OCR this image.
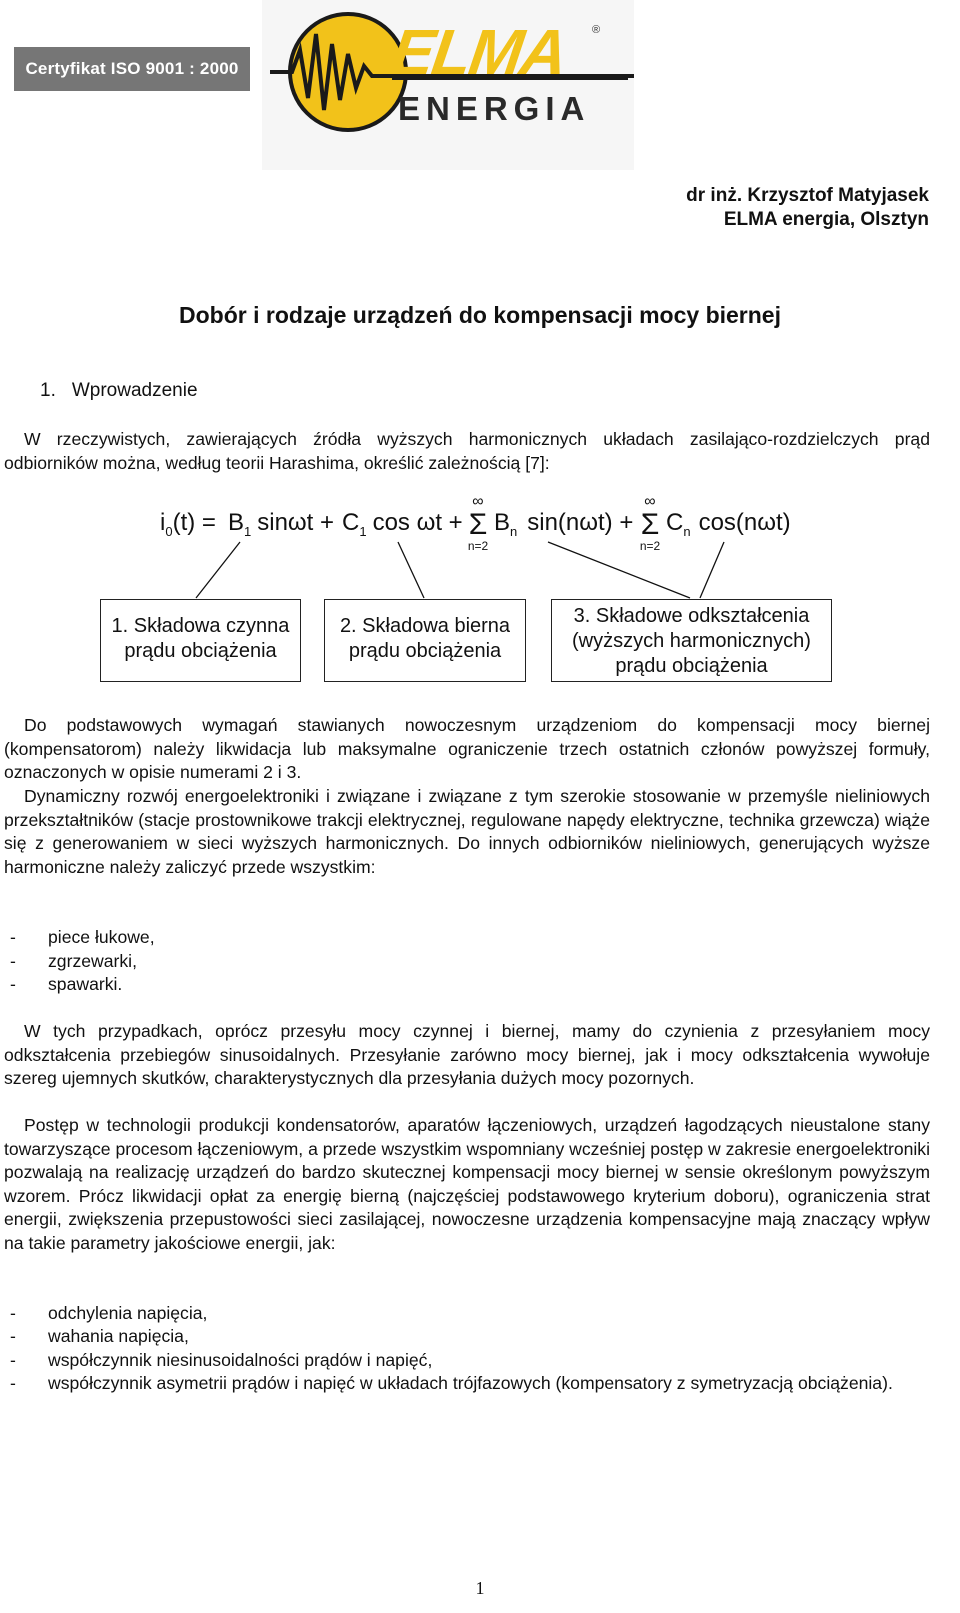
Certyfikat ISO 9001 : 2000 ELMA ®
ENERGIA
dr inż. Krzysztof Matyjasek
ELMA energia, Olsztyn
Dobór i rodzaje urządzeń do kompensacji mocy biernej
1. Wprowadzenie
W rzeczywistych, zawierających źródła wyższych harmonicznych układach zasilająco-rozdzielczych prąd odbiorników można, według teorii Harashima, określić zależnością [7]:
$i_0(t) = B_1$ $\sin\omega t + C_1$ cos ωt +
∞
Σ
n=2
$B_n$ sin(nωt) +
∞
Σ
n=2
$C_n$ cos(nωt)
1. Składowa czynna
prądu obciążenia
2. Składowa bierna
prądu obciążenia
3. Składowe odkształcenia
(wyższych harmonicznych)
prądu obciążenia
Do podstawowych wymagań stawianych nowoczesnym urządzeniom do kompensacji mocy biernej (kompensatorom) należy likwidacja lub maksymalne ograniczenie trzech ostatnich członów powyższej formuły, oznaczonych w opisie numerami 2 i 3.
Dynamiczny rozwój energoelektroniki i związane i związane z tym szerokie stosowanie w przemyśle nieliniowych przekształtników (stacje prostownikowe trakcji elektrycznej, regulowane napędy elektryczne, technika grzewcza) wiąże się z generowaniem w sieci wyższych harmonicznych. Do innych odbiorników nieliniowych, generujących wyższe harmoniczne należy zaliczyć przede wszystkim:
- piece łukowe,
- zgrzewarki,
- spawarki.
W tych przypadkach, oprócz przesyłu mocy czynnej i biernej, mamy do czynienia z przesyłaniem mocy odkształcenia przebiegów sinusoidalnych. Przesyłanie zarówno mocy biernej, jak i mocy odkształcenia wywołuje szereg ujemnych skutków, charakterystycznych dla przesyłania dużych mocy pozornych.
Postęp w technologii produkcji kondensatorów, aparatów łączeniowych, urządzeń łagodzących nieustalone stany towarzyszące procesom łączeniowym, a przede wszystkim wspomniany wcześniej postęp w zakresie energoelektroniki pozwalają na realizację urządzeń do bardzo skutecznej kompensacji mocy biernej w sensie określonym powyższym wzorem. Prócz likwidacji opłat za energię bierną (najczęściej podstawowego kryterium doboru), ograniczenia strat energii, zwiększenia przepustowości sieci zasilającej, nowoczesne urządzenia kompensacyjne mają znaczący wpływ na takie parametry jakościowe energii, jak:
- odchylenia napięcia,
- wahania napięcia,
- współczynnik niesinusoidalności prądów i napięć,
- współczynnik asymetrii prądów i napięć w układach trójfazowych (kompensatory z symetryzacją obciążenia).
1
